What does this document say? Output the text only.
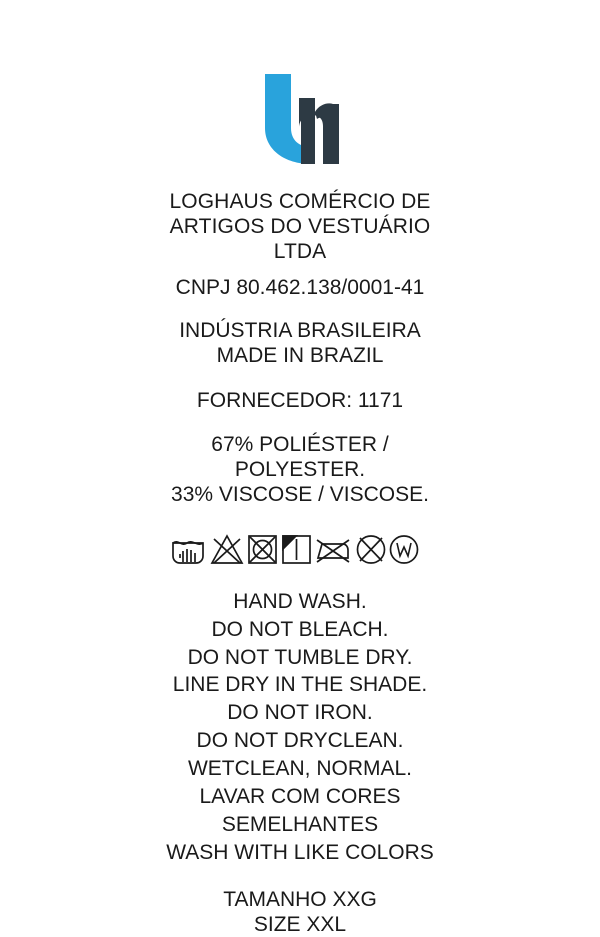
LOGHAUS COMÉRCIO DE
ARTIGOS DO VESTUÁRIO
LTDA
CNPJ 80.462.138/0001-41
INDÚSTRIA BRASILEIRA
MADE IN BRAZIL
FORNECEDOR: 1171
67% POLIÉSTER /
POLYESTER.
33% VISCOSE / VISCOSE.
HAND WASH.
DO NOT BLEACH.
DO NOT TUMBLE DRY.
LINE DRY IN THE SHADE.
DO NOT IRON.
DO NOT DRYCLEAN.
WETCLEAN, NORMAL.
LAVAR COM CORES
SEMELHANTES
WASH WITH LIKE COLORS
TAMANHO XXG
SIZE XXL
